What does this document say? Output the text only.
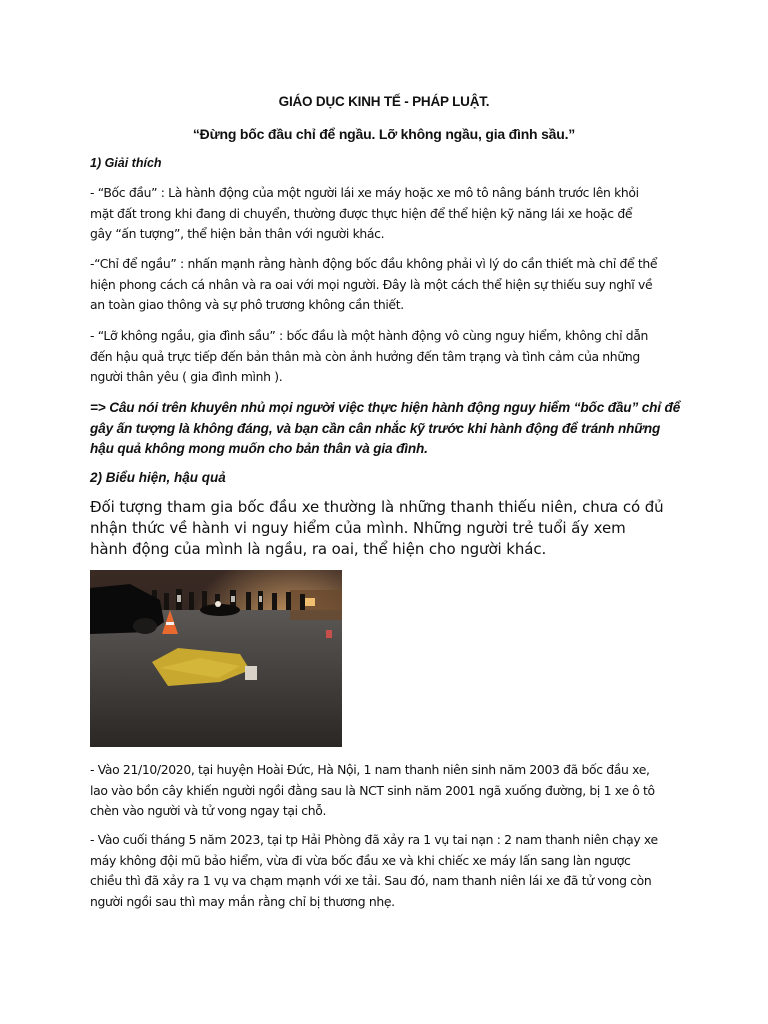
GIÁO DỤC KINH TẾ - PHÁP LUẬT.
“Đừng bốc đầu chỉ để ngầu. Lỡ không ngầu, gia đình sầu.”
1) Giải thích
- “Bốc đầu” : Là hành động của một người lái xe máy hoặc xe mô tô nâng bánh trước lên khỏi
mặt đất trong khi đang di chuyển, thường được thực hiện để thể hiện kỹ năng lái xe hoặc để
gây “ấn tượng”, thể hiện bản thân với người khác.
-“Chỉ để ngầu” : nhấn mạnh rằng hành động bốc đầu không phải vì lý do cần thiết mà chỉ để thể
hiện phong cách cá nhân và ra oai với mọi người. Đây là một cách thể hiện sự thiếu suy nghĩ về
an toàn giao thông và sự phô trương không cần thiết.
- “Lỡ không ngầu, gia đình sầu” : bốc đầu là một hành động vô cùng nguy hiểm, không chỉ dẫn
đến hậu quả trực tiếp đến bản thân mà còn ảnh hưởng đến tâm trạng và tình cảm của những
người thân yêu ( gia đình mình ).
=> Câu nói trên khuyên nhủ mọi người việc thực hiện hành động nguy hiểm “bốc đầu” chỉ để
gây ấn tượng là không đáng, và bạn cần cân nhắc kỹ trước khi hành động để tránh những
hậu quả không mong muốn cho bản thân và gia đình.
2) Biểu hiện, hậu quả
Đối tượng tham gia bốc đầu xe thường là những thanh thiếu niên, chưa có đủ
nhận thức về hành vi nguy hiểm của mình. Những người trẻ tuổi ấy xem
hành động của mình là ngầu, ra oai, thể hiện cho người khác.
- Vào 21/10/2020, tại huyện Hoài Đức, Hà Nội, 1 nam thanh niên sinh năm 2003 đã bốc đầu xe,
lao vào bồn cây khiến người ngồi đằng sau là NCT sinh năm 2001 ngã xuống đường, bị 1 xe ô tô
chèn vào người và tử vong ngay tại chỗ.
- Vào cuối tháng 5 năm 2023, tại tp Hải Phòng đã xảy ra 1 vụ tai nạn : 2 nam thanh niên chạy xe
máy không đội mũ bảo hiểm, vừa đi vừa bốc đầu xe và khi chiếc xe máy lấn sang làn ngược
chiều thì đã xảy ra 1 vụ va chạm mạnh với xe tải. Sau đó, nam thanh niên lái xe đã tử vong còn
người ngồi sau thì may mắn rằng chỉ bị thương nhẹ.
